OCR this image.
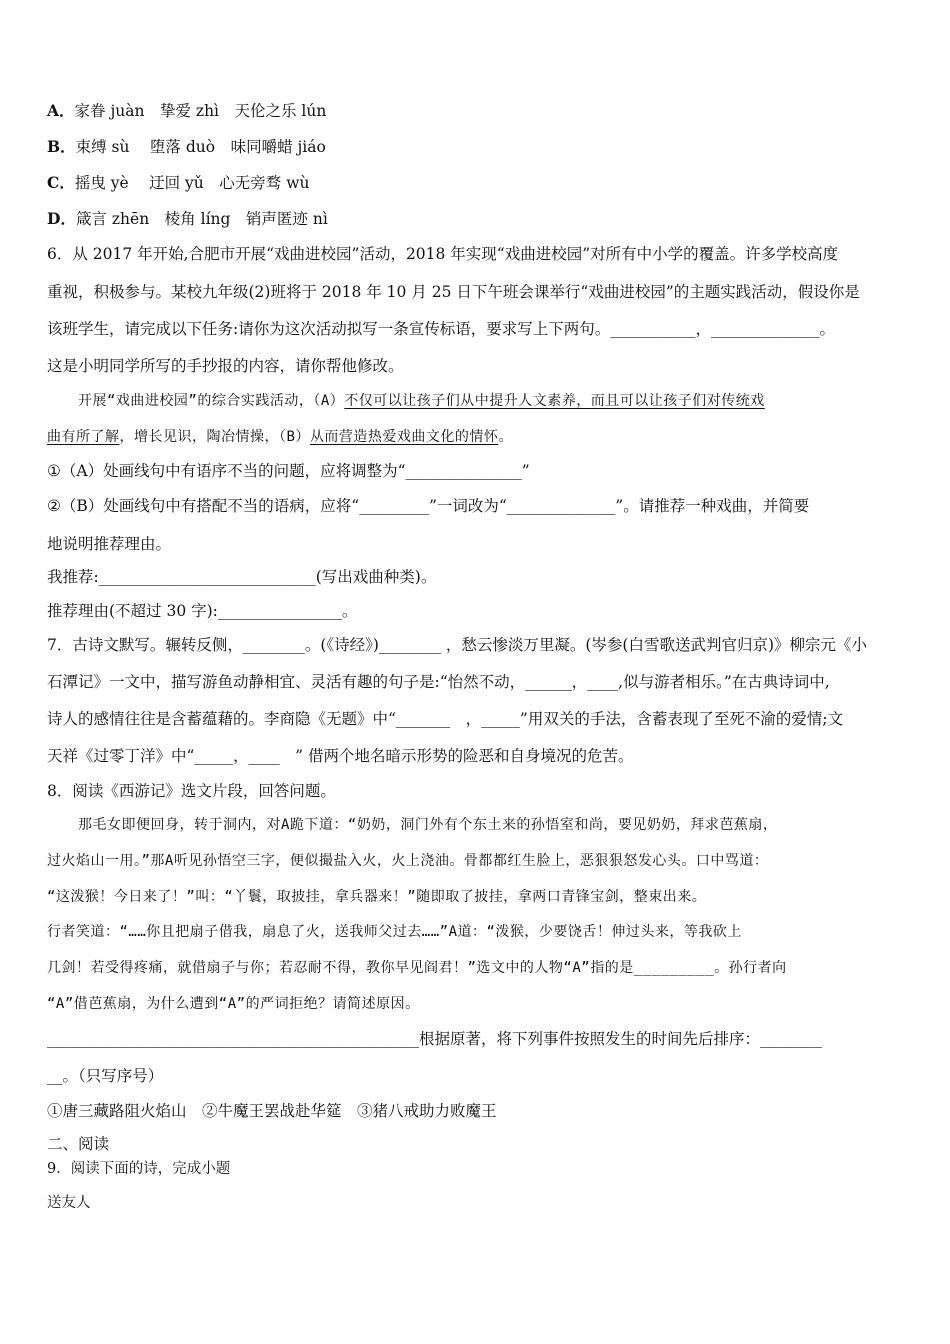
A．家眷 juàn　挚爱 zhì　天伦之乐 lún
B．束缚 sù　 堕落 duò　味同嚼蜡 jiáo
C．摇曳 yè　 迂回 yǔ　心无旁骛 wù
D．箴言 zhēn　棱角 líng　销声匿迹 nì
6．从 2017 年开始,合肥市开展“戏曲进校园”活动，2018 年实现“戏曲进校园”对所有中小学的覆盖。许多学校高度
重视，积极参与。某校九年级(2)班将于 2018 年 10 月 25 日下午班会课举行“戏曲进校园”的主题实践活动，假设你是
该班学生，请完成以下任务:请你为这次活动拟写一条宣传标语，要求写上下两句。___________，______________。
这是小明同学所写的手抄报的内容，请你帮他修改。
开展“戏曲进校园”的综合实践活动，（A）不仅可以让孩子们从中提升人文素养，而且可以让孩子们对传统戏
曲有所了解，增长见识，陶冶情操，（B）从而营造热爱戏曲文化的情怀。
①（A）处画线句中有语序不当的问题，应将调整为“_______________”
②（B）处画线句中有搭配不当的语病，应将“_________”一词改为“______________”。请推荐一种戏曲，并简要
地说明推荐理由。
我推荐:____________________________(写出戏曲种类)。
推荐理由(不超过 30 字):________________。
7．古诗文默写。辗转反侧，________。(《诗经》)________ ，愁云惨淡万里凝。(岑参(白雪歌送武判官归京)》柳宗元《小
石潭记》一文中，描写游鱼动静相宜、灵活有趣的句子是:“怡然不动，______，____,似与游者相乐。”在古典诗词中,
诗人的感情往往是含蓄蕴藉的。李商隐《无题》中“_______　，_____”用双关的手法，含蓄表现了至死不渝的爱情;文
天祥《过零丁洋》中“_____，____　” 借两个地名暗示形势的险恶和自身境况的危苦。
8．阅读《西游记》选文片段，回答问题。
那毛女即便回身，转于洞内，对A跪下道：“奶奶，洞门外有个东土来的孙悟室和尚，要见奶奶，拜求芭蕉扇，
过火焰山一用。”那A听见孙悟空三字，便似撮盐入火，火上浇油。骨都都红生脸上，恶狠狠怒发心头。口中骂道：
“这泼猴！今日来了！”叫：“丫鬟，取披挂，拿兵器来！”随即取了披挂，拿两口青锋宝剑，整束出来。
行者笑道：“……你且把扇子借我，扇息了火，送我师父过去……”A道：“泼猴，少要饶舌！伸过头来，等我砍上
几剑！若受得疼痛，就借扇子与你；若忍耐不得，教你早见阎君！”选文中的人物“A”指的是_________。孙行者向
“A”借芭蕉扇，为什么遭到“A”的严词拒绝？请简述原因。
________________________________________________根据原著，将下列事件按照发生的时间先后排序：________
__。（只写序号）
①唐三藏路阻火焰山　②牛魔王罢战赴华筵　③猪八戒助力败魔王
二、阅读
9．阅读下面的诗，完成小题
送友人
